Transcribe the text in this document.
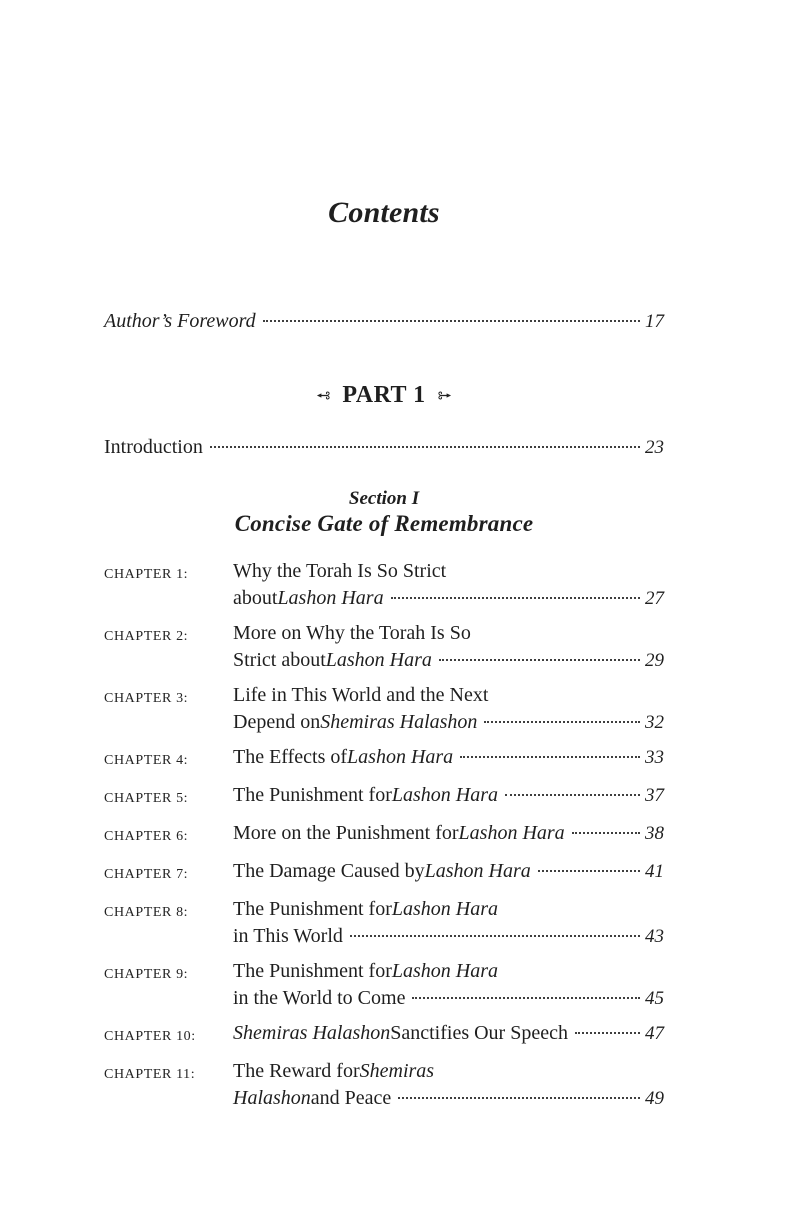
Contents
Author’s Foreword	17
PART 1
Introduction	23
Section I
Concise Gate of Remembrance
CHAPTER 1:	Why the Torah Is So Strict
about Lashon Hara	27
CHAPTER 2:	More on Why the Torah Is So
Strict about Lashon Hara	29
CHAPTER 3:	Life in This World and the Next
Depend on Shemiras Halashon	32
CHAPTER 4:	The Effects of Lashon Hara	33
CHAPTER 5:	The Punishment for Lashon Hara	37
CHAPTER 6:	More on the Punishment for Lashon Hara	38
CHAPTER 7:	The Damage Caused by Lashon Hara	41
CHAPTER 8:	The Punishment for Lashon Hara
in This World	43
CHAPTER 9:	The Punishment for Lashon Hara
in the World to Come	45
CHAPTER 10:	Shemiras Halashon Sanctifies Our Speech	47
CHAPTER 11:	The Reward for Shemiras
Halashon and Peace	49
